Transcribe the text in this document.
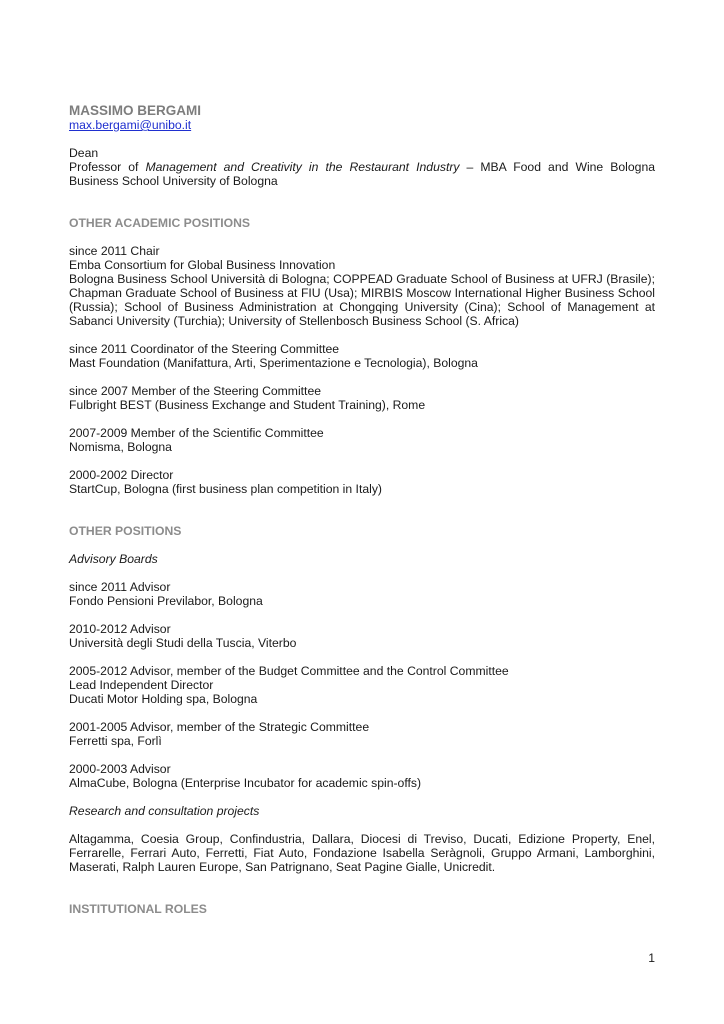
MASSIMO BERGAMI

max.bergami@unibo.it

Dean

Professor of Management and Creativity in the Restaurant Industry – MBA Food and Wine Bologna Business School University of Bologna

OTHER ACADEMIC POSITIONS

since 2011 Chair

Emba Consortium for Global Business Innovation

Bologna Business School Università di Bologna; COPPEAD Graduate School of Business at UFRJ (Brasile); Chapman Graduate School of Business at FIU (Usa); MIRBIS Moscow International Higher Business School (Russia); School of Business Administration at Chongqing University (Cina); School of Management at Sabanci University (Turchia); University of Stellenbosch Business School (S. Africa)

since 2011 Coordinator of the Steering Committee

Mast Foundation (Manifattura, Arti, Sperimentazione e Tecnologia), Bologna

since 2007 Member of the Steering Committee

Fulbright BEST (Business Exchange and Student Training), Rome

2007-2009 Member of the Scientific Committee

Nomisma, Bologna

2000-2002 Director

StartCup, Bologna (first business plan competition in Italy)

OTHER POSITIONS

Advisory Boards

since 2011 Advisor

Fondo Pensioni Previlabor, Bologna

2010-2012 Advisor

Università degli Studi della Tuscia, Viterbo

2005-2012 Advisor, member of the Budget Committee and the Control Committee

Lead Independent Director

Ducati Motor Holding spa, Bologna

2001-2005 Advisor, member of the Strategic Committee

Ferretti spa, Forlì

2000-2003 Advisor

AlmaCube, Bologna (Enterprise Incubator for academic spin-offs)

Research and consultation projects

Altagamma, Coesia Group, Confindustria, Dallara, Diocesi di Treviso, Ducati, Edizione Property, Enel, Ferrarelle, Ferrari Auto, Ferretti, Fiat Auto, Fondazione Isabella Seràgnoli, Gruppo Armani, Lamborghini, Maserati, Ralph Lauren Europe, San Patrignano, Seat Pagine Gialle, Unicredit.

INSTITUTIONAL ROLES

1
